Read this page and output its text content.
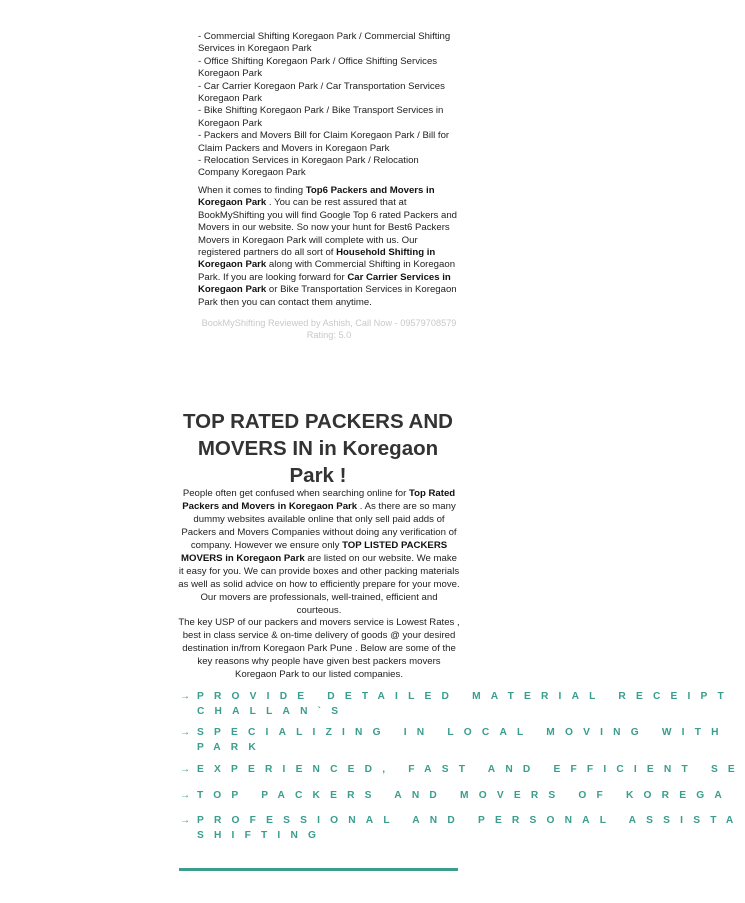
- Commercial Shifting Koregaon Park / Commercial Shifting
Services in Koregaon Park
- Office Shifting Koregaon Park / Office Shifting Services
Koregaon Park
- Car Carrier Koregaon Park / Car Transportation Services
Koregaon Park
- Bike Shifting Koregaon Park / Bike Transport Services in
Koregaon Park
- Packers and Movers Bill for Claim Koregaon Park / Bill for
Claim Packers and Movers in Koregaon Park
- Relocation Services in Koregaon Park / Relocation
Company Koregaon Park

When it comes to finding Top6 Packers and Movers in Koregaon Park . You can be rest assured that at BookMyShifting you will find Google Top 6 rated Packers and Movers in our website. So now your hunt for Best6 Packers Movers in Koregaon Park will complete with us. Our registered partners do all sort of Household Shifting in Koregaon Park along with Commercial Shifting in Koregaon Park. If you are looking forward for Car Carrier Services in Koregaon Park or Bike Transportation Services in Koregaon Park then you can contact them anytime.

BookMyShifting Reviewed by Ashish, Call Now - 09579708579 Rating: 5.0
TOP RATED PACKERS AND MOVERS IN in Koregaon Park !

People often get confused when searching online for Top Rated Packers and Movers in Koregaon Park . As there are so many dummy websites available online that only sell paid adds of Packers and Movers Companies without doing any verification of company. However we ensure only TOP LISTED PACKERS MOVERS in Koregaon Park are listed on our website. We make it easy for you. We can provide boxes and other packing materials as well as solid advice on how to efficiently prepare for your move. Our movers are professionals, well-trained, efficient and courteous.

The key USP of our packers and movers service is Lowest Rates , best in class service & on-time delivery of goods @ your desired destination in/from Koregaon Park Pune . Below are some of the key reasons why people have given best packers movers Koregaon Park to our listed companies.

→ PROVIDE DETAILED MATERIAL RECEIPT
CHALLAN`S
→ SPECIALIZING IN LOCAL MOVING WITH
PARK
→ EXPERIENCED, FAST AND EFFICIENT SE
→ TOP PACKERS AND MOVERS OF KOREGA
→ PROFESSIONAL AND PERSONAL ASSISTA
SHIFTING
